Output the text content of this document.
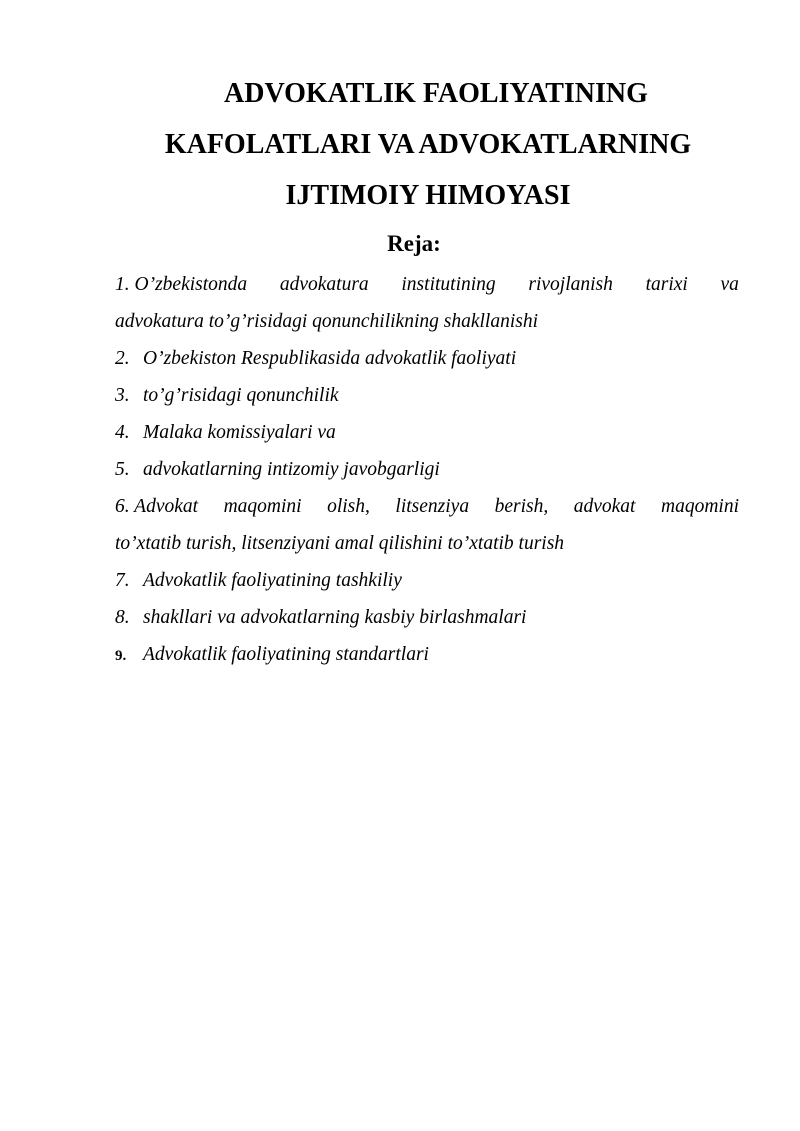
ADVOKATLIK FAOLIYATINING
KAFOLATLARI VA ADVOKATLARNING
IJTIMOIY HIMOYASI
Reja:
1. O’zbekistonda advokatura institutining rivojlanish tarixi va
advokatura to’g’risidagi qonunchilikning shakllanishi
2. O’zbekiston Respublikasida advokatlik faoliyati
3. to’g’risidagi qonunchilik
4. Malaka komissiyalari va
5. advokatlarning intizomiy javobgarligi
6. Advokat maqomini olish, litsenziya berish, advokat maqomini
to’xtatib turish, litsenziyani amal qilishini to’xtatib turish
7. Advokatlik faoliyatining tashkiliy
8. shakllari va advokatlarning kasbiy birlashmalari
9. Advokatlik faoliyatining standartlari
